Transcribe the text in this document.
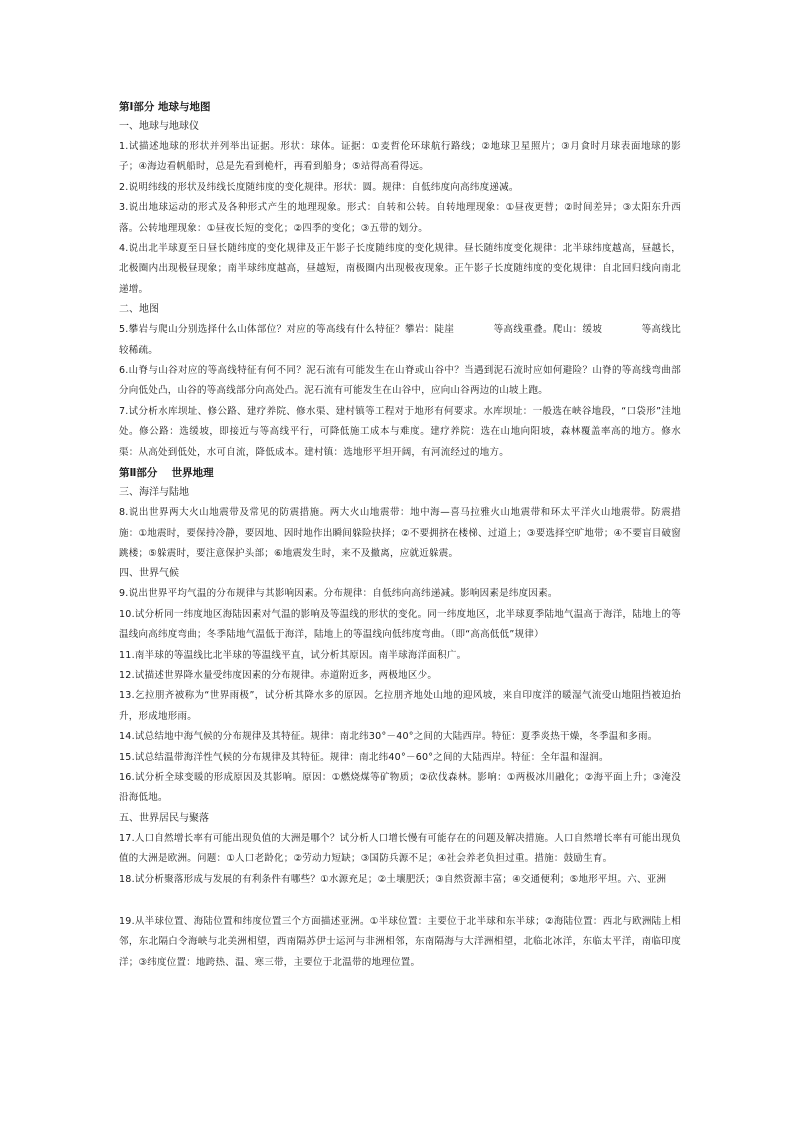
第Ⅰ部分 地球与地图
一、地球与地球仪

1.试描述地球的形状并列举出证据。形状：球体。证据：①麦哲伦环球航行路线；②地球卫星照片；③月食时月球表面地球的影子；④海边看帆船时，总是先看到桅杆，再看到船身；⑤站得高看得远。

2.说明纬线的形状及纬线长度随纬度的变化规律。形状：圆。规律：自低纬度向高纬度递减。

3.说出地球运动的形式及各种形式产生的地理现象。形式：自转和公转。自转地理现象：①昼夜更替；②时间差异；③太阳东升西落。公转地理现象：①昼夜长短的变化；②四季的变化；③五带的划分。

4.说出北半球夏至日昼长随纬度的变化规律及正午影子长度随纬度的变化规律。昼长随纬度变化规律：北半球纬度越高，昼越长，北极圈内出现极昼现象；南半球纬度越高，昼越短，南极圈内出现极夜现象。正午影子长度随纬度的变化规律：自北回归线向南北递增。

二、地图

5.攀岩与爬山分别选择什么山体部位？对应的等高线有什么特征？攀岩：陡崖　　　　等高线重叠。爬山：缓坡　　　　等高线比较稀疏。

6.山脊与山谷对应的等高线特征有何不同？泥石流有可能发生在山脊或山谷中？当遇到泥石流时应如何避险？山脊的等高线弯曲部分向低处凸，山谷的等高线部分向高处凸。泥石流有可能发生在山谷中，应向山谷两边的山坡上跑。

7.试分析水库坝址、修公路、建疗养院、修水渠、建村镇等工程对于地形有何要求。水库坝址：一般选在峡谷地段，“口袋形”洼地处。修公路：选缓坡，即接近与等高线平行，可降低施工成本与难度。建疗养院：选在山地向阳坡，森林覆盖率高的地方。修水渠：从高处到低处，水可自流，降低成本。建村镇：选地形平坦开阔，有河流经过的地方。

第Ⅱ部分　 世界地理
三、海洋与陆地

8.说出世界两大火山地震带及常见的防震措施。两大火山地震带：地中海—喜马拉雅火山地震带和环太平洋火山地震带。防震措施：①地震时，要保持冷静，要因地、因时地作出瞬间躲险抉择；②不要拥挤在楼梯、过道上；③要选择空旷地带；④不要盲目破窗跳楼；⑤躲震时，要注意保护头部；⑥地震发生时，来不及撤离，应就近躲震。

四、世界气候

9.说出世界平均气温的分布规律与其影响因素。分布规律：自低纬向高纬递减。影响因素是纬度因素。

10.试分析同一纬度地区海陆因素对气温的影响及等温线的形状的变化。同一纬度地区，北半球夏季陆地气温高于海洋，陆地上的等温线向高纬度弯曲；冬季陆地气温低于海洋，陆地上的等温线向低纬度弯曲。（即“高高低低”规律）

11.南半球的等温线比北半球的等温线平直，试分析其原因。南半球海洋面积广。

12.试描述世界降水量受纬度因素的分布规律。赤道附近多，两极地区少。

13.乞拉朋齐被称为“世界雨极”，试分析其降水多的原因。乞拉朋齐地处山地的迎风坡，来自印度洋的暖湿气流受山地阻挡被迫抬升，形成地形雨。

14.试总结地中海气候的分布规律及其特征。规律：南北纬30°－40°之间的大陆西岸。特征：夏季炎热干燥，冬季温和多雨。

15.试总结温带海洋性气候的分布规律及其特征。规律：南北纬40°－60°之间的大陆西岸。特征：全年温和湿润。

16.试分析全球变暖的形成原因及其影响。原因：①燃烧煤等矿物质；②砍伐森林。影响：①两极冰川融化；②海平面上升；③淹没沿海低地。

五、世界居民与聚落

17.人口自然增长率有可能出现负值的大洲是哪个？试分析人口增长慢有可能存在的问题及解决措施。人口自然增长率有可能出现负值的大洲是欧洲。问题：①人口老龄化；②劳动力短缺；③国防兵源不足；④社会养老负担过重。措施：鼓励生育。

18.试分析聚落形成与发展的有利条件有哪些？①水源充足；②土壤肥沃；③自然资源丰富；④交通便利；⑤地形平坦。六、亚洲

19.从半球位置、海陆位置和纬度位置三个方面描述亚洲。①半球位置：主要位于北半球和东半球；②海陆位置：西北与欧洲陆上相邻，东北隔白令海峡与北美洲相望，西南隔苏伊士运河与非洲相邻，东南隔海与大洋洲相望，北临北冰洋，东临太平洋，南临印度洋；③纬度位置：地跨热、温、寒三带，主要位于北温带的地理位置。
